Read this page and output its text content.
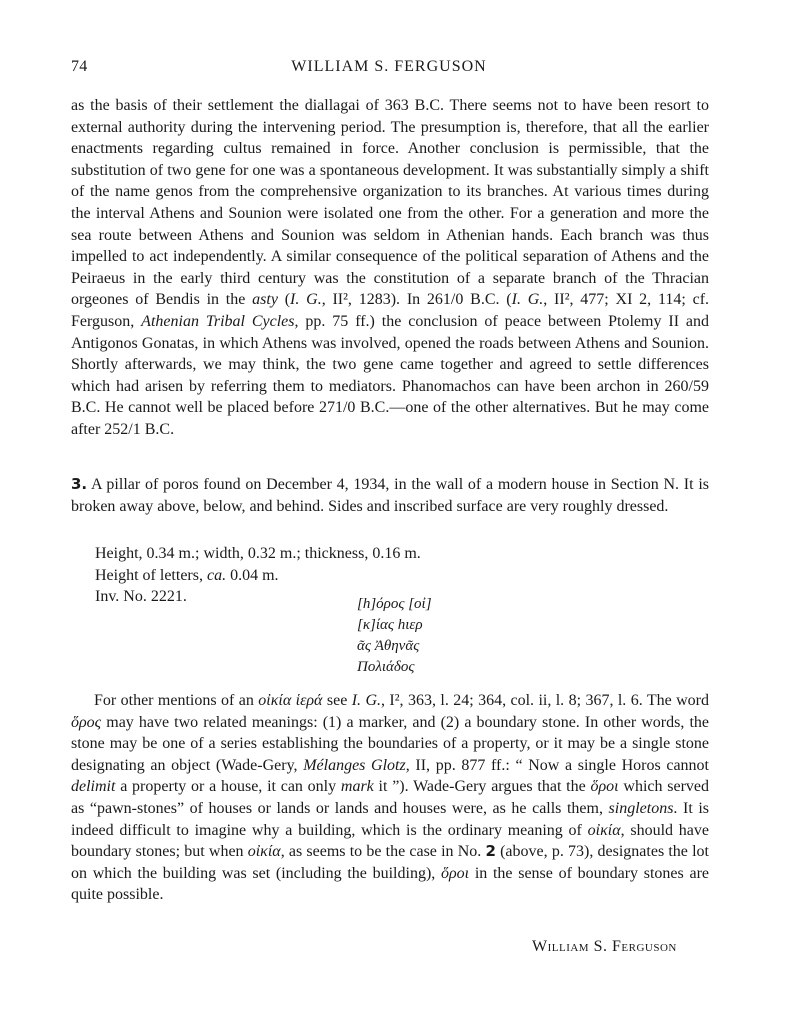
74	WILLIAM S. FERGUSON

as the basis of their settlement the diallagai of 363 B.C. There seems not to have been resort to external authority during the intervening period. The presumption is, therefore, that all the earlier enactments regarding cultus remained in force. Another conclusion is permissible, that the substitution of two gene for one was a spontaneous development. It was substantially simply a shift of the name genos from the comprehensive organization to its branches. At various times during the interval Athens and Sounion were isolated one from the other. For a generation and more the sea route between Athens and Sounion was seldom in Athenian hands. Each branch was thus impelled to act independently. A similar consequence of the political separation of Athens and the Peiraeus in the early third century was the constitution of a separate branch of the Thracian orgeones of Bendis in the asty (I. G., II², 1283). In 261/0 B.C. (I. G., II², 477; XI 2, 114; cf. Ferguson, Athenian Tribal Cycles, pp. 75 ff.) the conclusion of peace between Ptolemy II and Antigonos Gonatas, in which Athens was involved, opened the roads between Athens and Sounion. Shortly afterwards, we may think, the two gene came together and agreed to settle differences which had arisen by referring them to mediators. Phanomachos can have been archon in 260/59 B.C. He cannot well be placed before 271/0 B.C.—one of the other alternatives. But he may come after 252/1 B.C.

3. A pillar of poros found on December 4, 1934, in the wall of a modern house in Section N. It is broken away above, below, and behind. Sides and inscribed surface are very roughly dressed.

Height, 0.34 m.; width, 0.32 m.; thickness, 0.16 m.
Height of letters, ca. 0.04 m.
Inv. No. 2221.	[h]όρος [οἰ]
[κ]ίας hιερ
ᾶς Ἀθηνᾶς
Πολιάδος

For other mentions of an οἰκία ἱερά see I. G., I², 363, l. 24; 364, col. ii, l. 8; 367, l. 6. The word ὅρος may have two related meanings: (1) a marker, and (2) a boundary stone. In other words, the stone may be one of a series establishing the boundaries of a property, or it may be a single stone designating an object (Wade-Gery, Mélanges Glotz, II, pp. 877 ff.: “ Now a single Horos cannot delimit a property or a house, it can only mark it ”). Wade-Gery argues that the ὅροι which served as “pawn-stones” of houses or lands or lands and houses were, as he calls them, singletons. It is indeed difficult to imagine why a building, which is the ordinary meaning of οἰκία, should have boundary stones; but when οἰκία, as seems to be the case in No. 2 (above, p. 73), designates the lot on which the building was set (including the building), ὅροι in the sense of boundary stones are quite possible.

William S. Ferguson
